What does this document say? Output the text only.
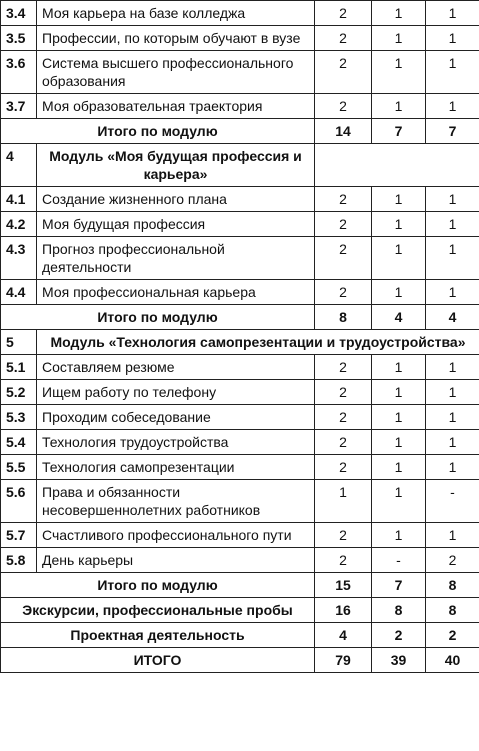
3.4	Моя карьера на базе колледжа	2	1	1
3.5	Профессии, по которым обучают в вузе	2	1	1
3.6	Система высшего профессионального образования	2	1	1
3.7	Моя образовательная траектория	2	1	1
Итого по модулю		14	7	7
4	Модуль «Моя будущая профессия и карьера»			
4.1	Создание жизненного плана	2	1	1
4.2	Моя будущая профессия	2	1	1
4.3	Прогноз профессиональной деятельности	2	1	1
4.4	Моя профессиональная карьера	2	1	1
Итого по модулю		8	4	4
5	Модуль «Технология самопрезентации и трудоустройства»			
5.1	Составляем резюме	2	1	1
5.2	Ищем работу по телефону	2	1	1
5.3	Проходим собеседование	2	1	1
5.4	Технология трудоустройства	2	1	1
5.5	Технология самопрезентации	2	1	1
5.6	Права и обязанности несовершеннолетних работников	1	1	-
5.7	Счастливого профессионального пути	2	1	1
5.8	День карьеры	2	-	2
Итого по модулю		15	7	8
Экскурсии, профессиональные пробы		16	8	8
Проектная деятельность		4	2	2
ИТОГО		79	39	40
